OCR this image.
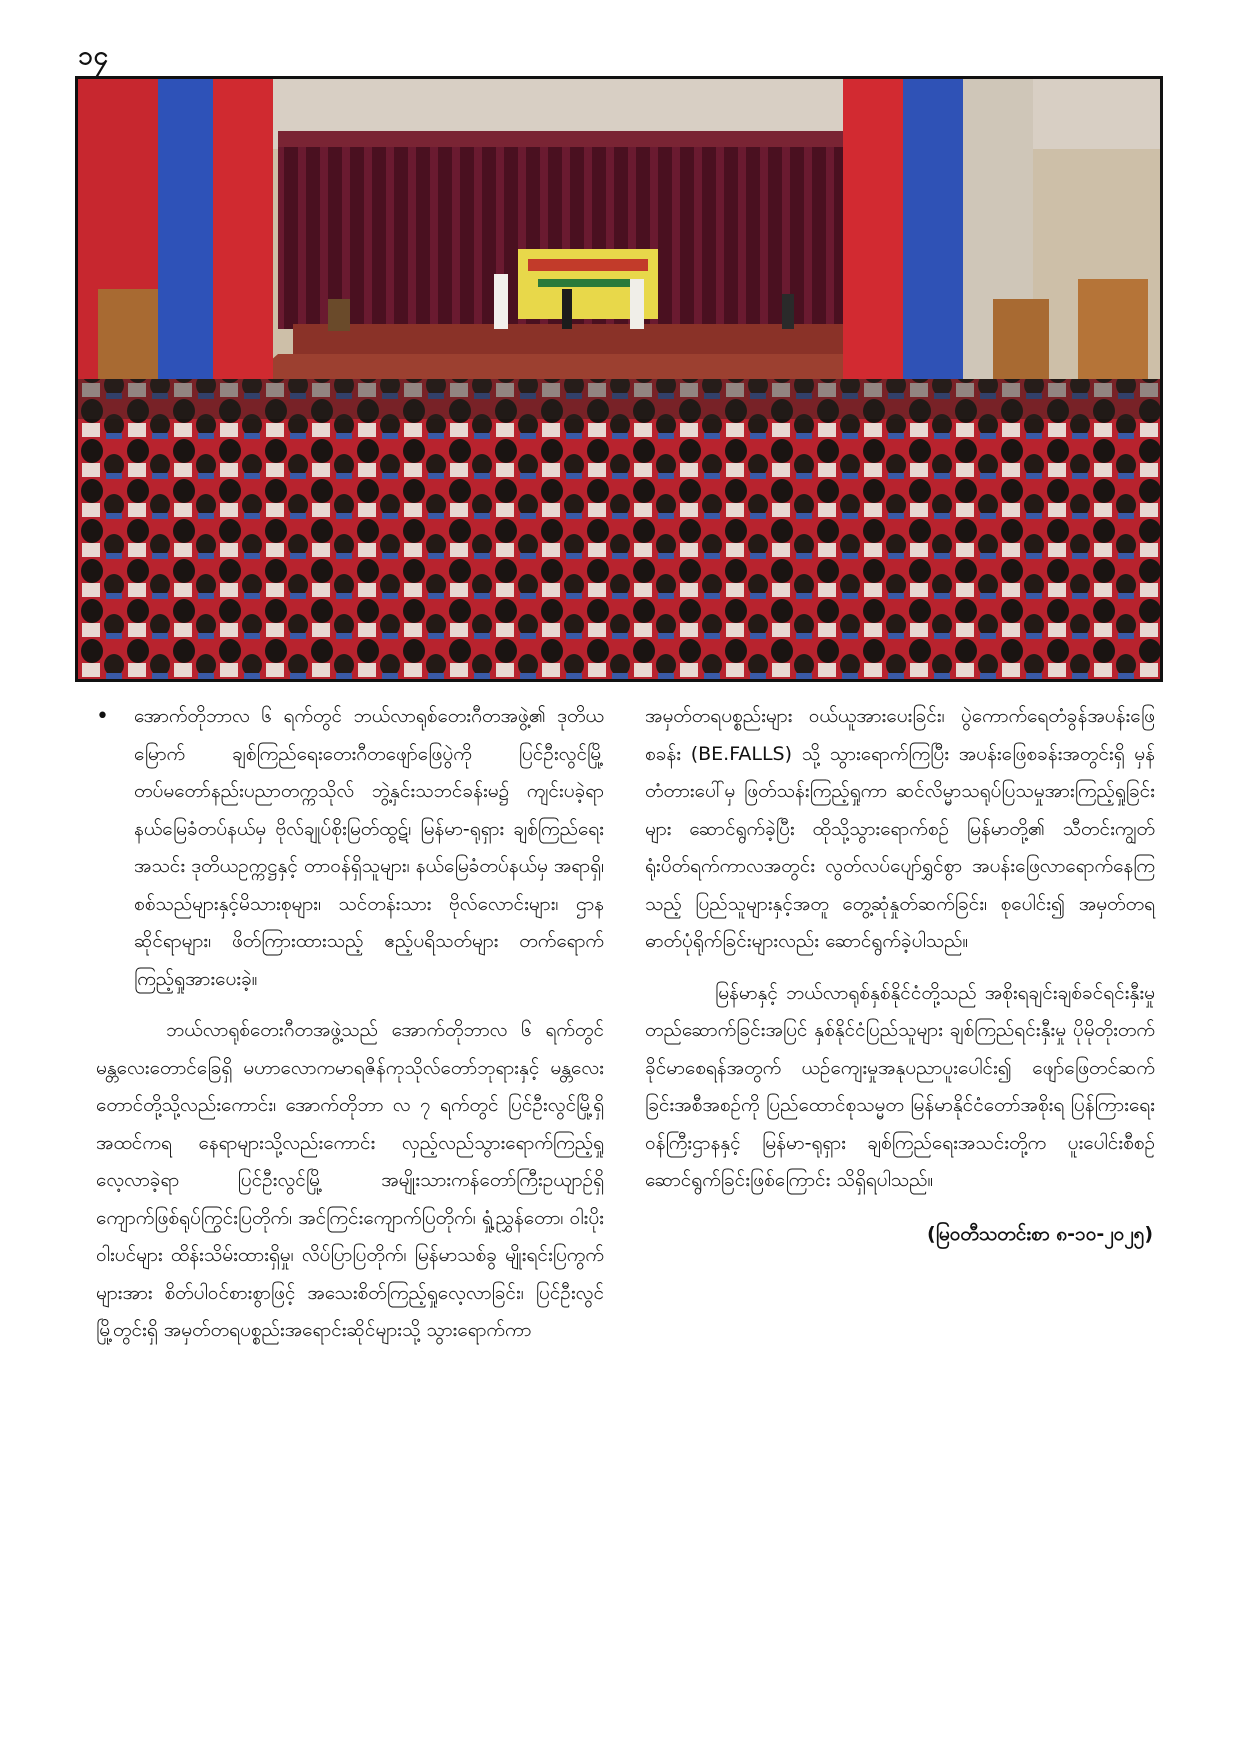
၁၄

• အောက်တိုဘာလ ၆ ရက်တွင် ဘယ်လာရုစ်တေးဂီတအဖွဲ့၏ ဒုတိယမြောက် ချစ်ကြည်ရေးတေးဂီတဖျော်ဖြေပွဲကို ပြင်ဦးလွင်မြို့ တပ်မတော်နည်းပညာတက္ကသိုလ် ဘွဲ့နှင်းသဘင်ခန်းမ၌ ကျင်းပခဲ့ရာ နယ်မြေခံတပ်နယ်မှ ဗိုလ်ချုပ်စိုးမြတ်ထွဋ်၊ မြန်မာ-ရုရှား ချစ်ကြည်ရေးအသင်း ဒုတိယဥက္ကဋ္ဌနှင့် တာဝန်ရှိသူများ၊ နယ်မြေခံတပ်နယ်မှ အရာရှိ၊စစ်သည်များနှင့်မိသားစုများ၊ သင်တန်းသား ဗိုလ်လောင်းများ၊ ဌာနဆိုင်ရာများ၊ ဖိတ်ကြားထားသည့် ဧည့်ပရိသတ်များ တက်ရောက်ကြည့်ရှုအားပေးခဲ့။

ဘယ်လာရုစ်တေးဂီတအဖွဲ့သည် အောက်တိုဘာလ ၆ ရက်တွင် မန္တလေးတောင်ခြေရှိ မဟာလောကမာရဇိန်ကုသိုလ်တော်ဘုရားနှင့် မန္တလေးတောင်တို့သို့လည်းကောင်း၊ အောက်တိုဘာ လ ၇ ရက်တွင် ပြင်ဦးလွင်မြို့ရှိ အထင်ကရ နေရာများသို့လည်းကောင်း လှည့်လည်သွားရောက်ကြည့်ရှုလေ့လာခဲ့ရာ ပြင်ဦးလွင်မြို့ အမျိုးသားကန်တော်ကြီးဥယျာဉ်ရှိ ကျောက်ဖြစ်ရုပ်ကြွင်းပြတိုက်၊ အင်ကြင်းကျောက်ပြတိုက်၊ ရှုံ့ညွှန်တော၊ ဝါးပိုးဝါးပင်များ ထိန်းသိမ်းထားရှိမှု၊ လိပ်ပြာပြတိုက်၊ မြန်မာသစ်ခွ မျိုးရင်းပြကွက်များအား စိတ်ပါဝင်စားစွာဖြင့် အသေးစိတ်ကြည့်ရှုလေ့လာခြင်း၊ ပြင်ဦးလွင်မြို့တွင်းရှိ အမှတ်တရပစ္စည်းအရောင်းဆိုင်များသို့ သွားရောက်ကာ

အမှတ်တရပစ္စည်းများ ဝယ်ယူအားပေးခြင်း၊ ပွဲကောက်ရေတံခွန်အပန်းဖြေစခန်း (BE.FALLS) သို့ သွားရောက်ကြပြီး အပန်းဖြေစခန်းအတွင်းရှိ မှန်တံတားပေါ်မှ ဖြတ်သန်းကြည့်ရှုကာ ဆင်လိမ္မာသရုပ်ပြသမှုအားကြည့်ရှုခြင်းများ ဆောင်ရွက်ခဲ့ပြီး ထိုသို့သွားရောက်စဉ် မြန်မာတို့၏ သီတင်းကျွတ်ရုံးပိတ်ရက်ကာလအတွင်း လွတ်လပ်ပျော်ရွှင်စွာ အပန်းဖြေလာရောက်နေကြသည့် ပြည်သူများနှင့်အတူ တွေ့ဆုံနှုတ်ဆက်ခြင်း၊ စုပေါင်း၍ အမှတ်တရဓာတ်ပုံရိုက်ခြင်းများလည်း ဆောင်ရွက်ခဲ့ပါသည်။

မြန်မာနှင့် ဘယ်လာရုစ်နှစ်နိုင်ငံတို့သည် အစိုးရချင်းချစ်ခင်ရင်းနှီးမှုတည်ဆောက်ခြင်းအပြင် နှစ်နိုင်ငံပြည်သူများ ချစ်ကြည်ရင်းနှီးမှု ပိုမိုတိုးတက်ခိုင်မာစေရန်အတွက် ယဉ်ကျေးမှုအနုပညာပူးပေါင်း၍ ဖျော်ဖြေတင်ဆက်ခြင်းအစီအစဉ်ကို ပြည်ထောင်စုသမ္မတ မြန်မာနိုင်ငံတော်အစိုးရ ပြန်ကြားရေးဝန်ကြီးဌာနနှင့် မြန်မာ-ရုရှား ချစ်ကြည်ရေးအသင်းတို့က ပူးပေါင်းစီစဉ်ဆောင်ရွက်ခြင်းဖြစ်ကြောင်း သိရှိရပါသည်။

(မြဝတီသတင်းစာ ၈-၁၀-၂၀၂၅)
